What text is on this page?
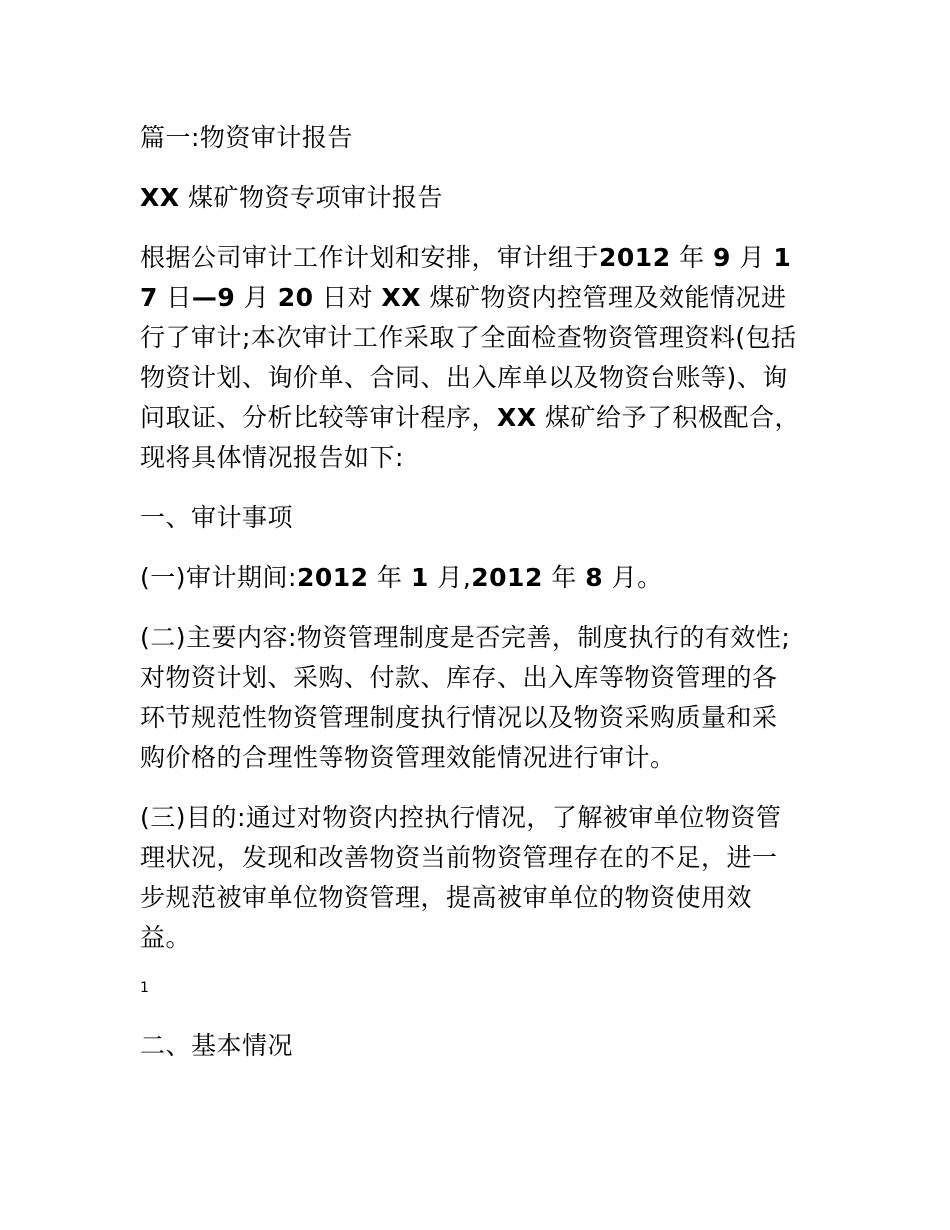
篇一:物资审计报告

XX 煤矿物资专项审计报告

根据公司审计工作计划和安排，审计组于2012 年 9 月 17 日—9 月 20 日对 XX 煤矿物资内控管理及效能情况进行了审计;本次审计工作采取了全面检查物资管理资料(包括物资计划、询价单、合同、出入库单以及物资台账等)、询问取证、分析比较等审计程序，XX 煤矿给予了积极配合，现将具体情况报告如下:

一、审计事项

(一)审计期间:2012 年 1 月,2012 年 8 月。

(二)主要内容:物资管理制度是否完善，制度执行的有效性;对物资计划、采购、付款、库存、出入库等物资管理的各环节规范性物资管理制度执行情况以及物资采购质量和采购价格的合理性等物资管理效能情况进行审计。

(三)目的:通过对物资内控执行情况，了解被审单位物资管理状况，发现和改善物资当前物资管理存在的不足，进一步规范被审单位物资管理，提高被审单位的物资使用效益。

1

二、基本情况
